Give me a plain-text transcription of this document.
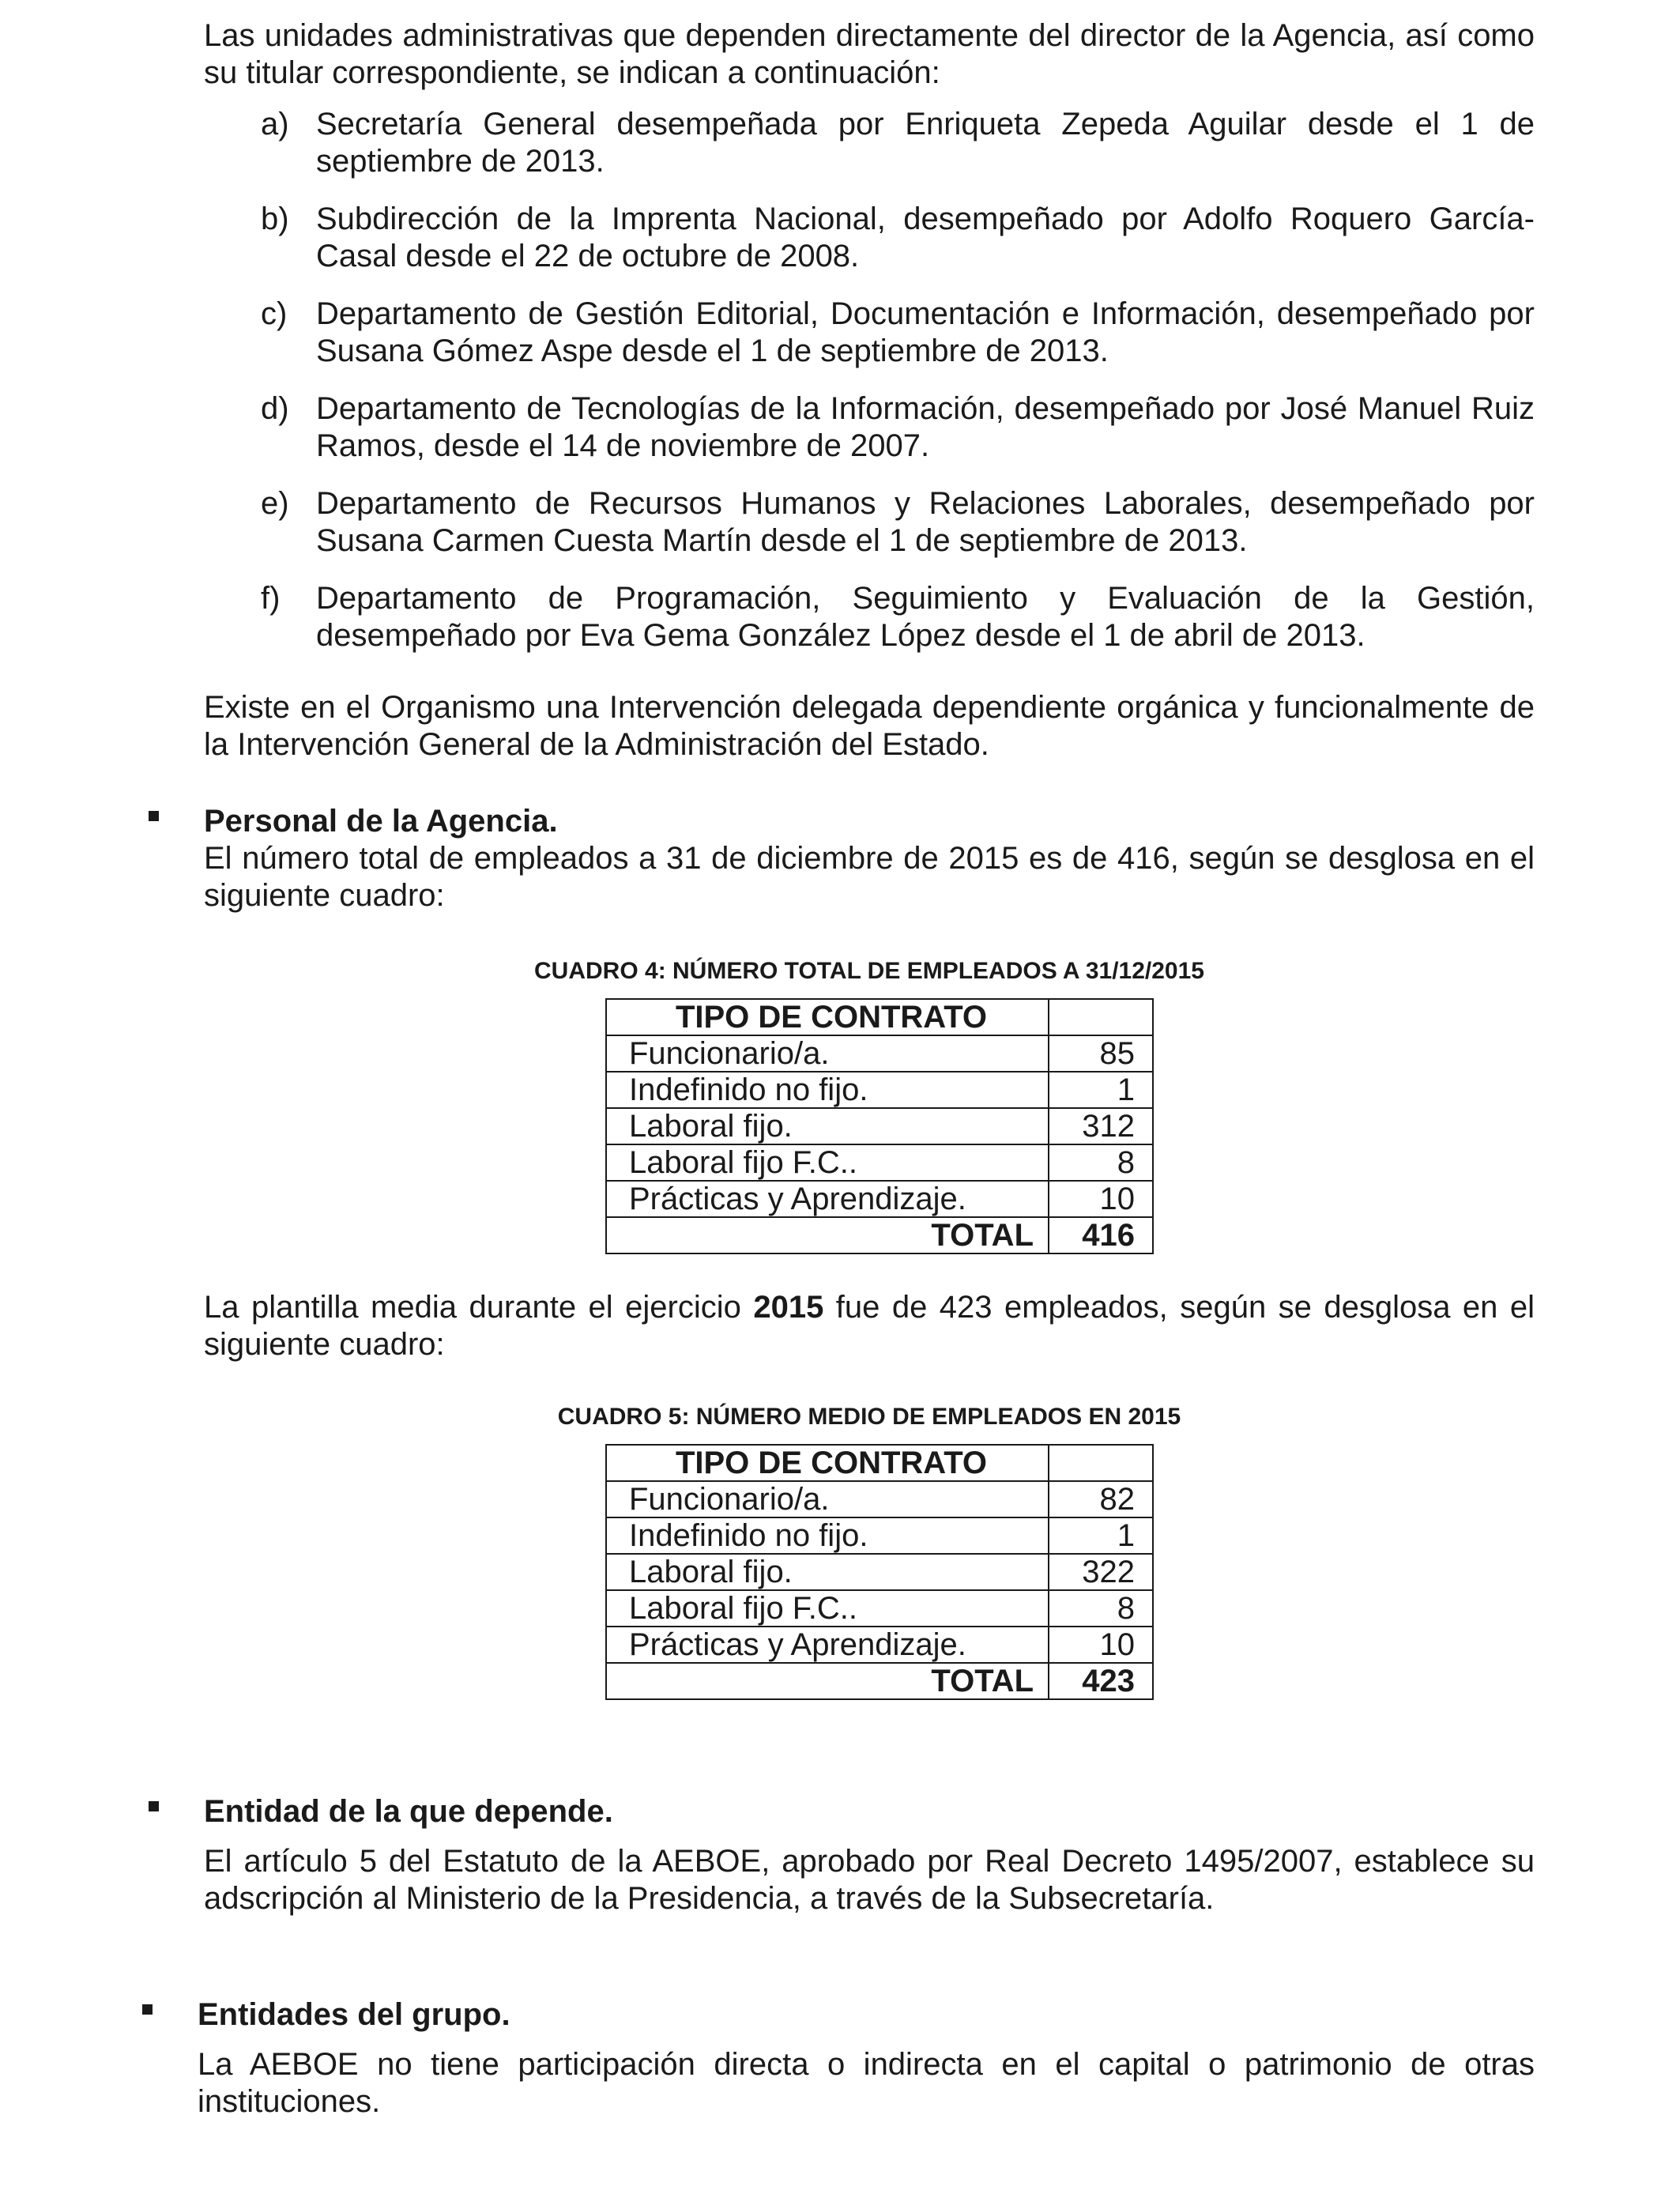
Las unidades administrativas que dependen directamente del director de la Agencia, así como su titular correspondiente, se indican a continuación:

a) Secretaría General desempeñada por Enriqueta Zepeda Aguilar desde el 1 de septiembre de 2013.
b) Subdirección de la Imprenta Nacional, desempeñado por Adolfo Roquero García-Casal desde el 22 de octubre de 2008.
c) Departamento de Gestión Editorial, Documentación e Información, desempeñado por Susana Gómez Aspe desde el 1 de septiembre de 2013.
d) Departamento de Tecnologías de la Información, desempeñado por José Manuel Ruiz Ramos, desde el 14 de noviembre de 2007.
e) Departamento de Recursos Humanos y Relaciones Laborales, desempeñado por Susana Carmen Cuesta Martín desde el 1 de septiembre de 2013.
f)	Departamento de Programación, Seguimiento y Evaluación de la Gestión, desempeñado por Eva Gema González López desde el 1 de abril de 2013.

Existe en el Organismo una Intervención delegada dependiente orgánica y funcionalmente de la Intervención General de la Administración del Estado.

Personal de la Agencia.

El número total de empleados a 31 de diciembre de 2015 es de 416, según se desglosa en el siguiente cuadro:

CUADRO 4: NÚMERO TOTAL DE EMPLEADOS A 31/12/2015
TIPO DE CONTRATO	
Funcionario/a.	85
Indefinido no fijo.	1
Laboral fijo.	312
Laboral fijo F.C..	8
Prácticas y Aprendizaje.	10
TOTAL	416

La plantilla media durante el ejercicio 2015 fue de 423 empleados, según se desglosa en el siguiente cuadro:

CUADRO 5: NÚMERO MEDIO DE EMPLEADOS EN 2015
TIPO DE CONTRATO	
Funcionario/a.	82
Indefinido no fijo.	1
Laboral fijo.	322
Laboral fijo F.C..	8
Prácticas y Aprendizaje.	10
TOTAL	423
Entidad de la que depende.

El artículo 5 del Estatuto de la AEBOE, aprobado por Real Decreto 1495/2007, establece su adscripción al Ministerio de la Presidencia, a través de la Subsecretaría.

Entidades del grupo.

La AEBOE no tiene participación directa o indirecta en el capital o patrimonio de otras instituciones.
